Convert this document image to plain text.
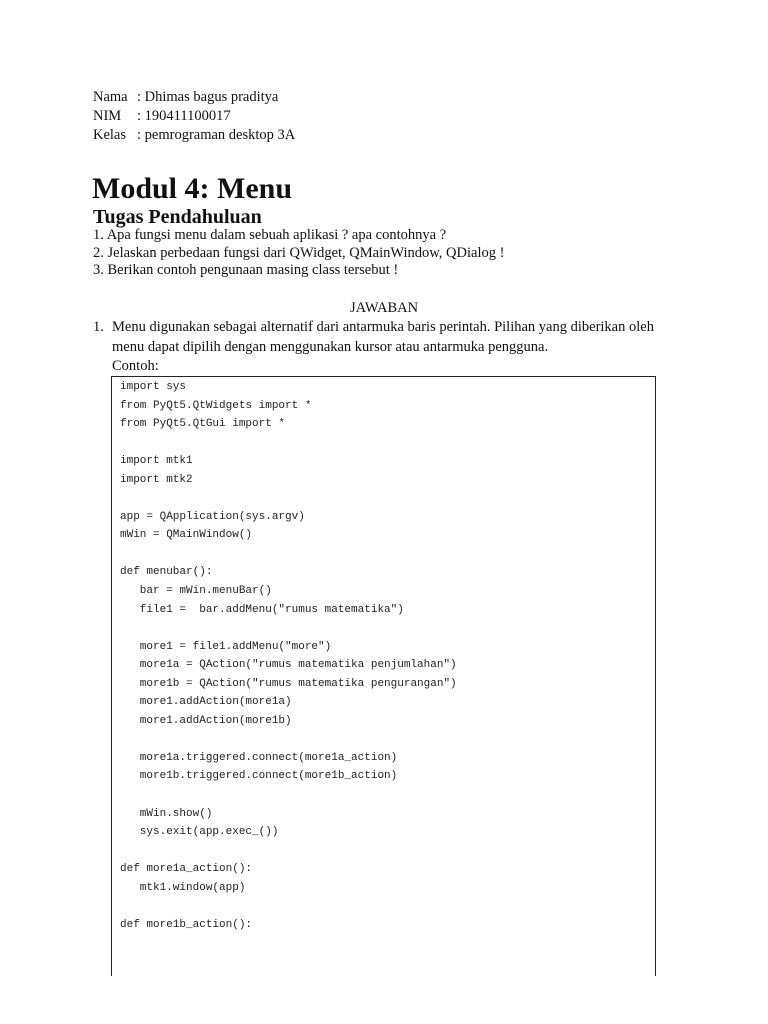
Nama : Dhimas bagus praditya
NIM	: 190411100017
Kelas : pemrograman desktop 3A
Modul 4: Menu
Tugas Pendahuluan
1. Apa fungsi menu dalam sebuah aplikasi ? apa contohnya ?
2. Jelaskan perbedaan fungsi dari QWidget, QMainWindow, QDialog !
3. Berikan contoh pengunaan masing class tersebut !
JAWABAN
1. Menu digunakan sebagai alternatif dari antarmuka baris perintah. Pilihan yang diberikan oleh menu dapat dipilih dengan menggunakan kursor atau antarmuka pengguna.
Contoh:
import sys
from PyQt5.QtWidgets import *
from PyQt5.QtGui import *
import mtk1
import mtk2
app = QApplication(sys.argv)
mWin = QMainWindow()
def menubar():
bar = mWin.menuBar()
file1 =  bar.addMenu("rumus matematika")
more1 = file1.addMenu("more")
more1a = QAction("rumus matematika penjumlahan")
more1b = QAction("rumus matematika pengurangan")
more1.addAction(more1a)
more1.addAction(more1b)
more1a.triggered.connect(more1a_action)
more1b.triggered.connect(more1b_action)
mWin.show()
sys.exit(app.exec_())
def more1a_action():
mtk1.window(app)
def more1b_action():
